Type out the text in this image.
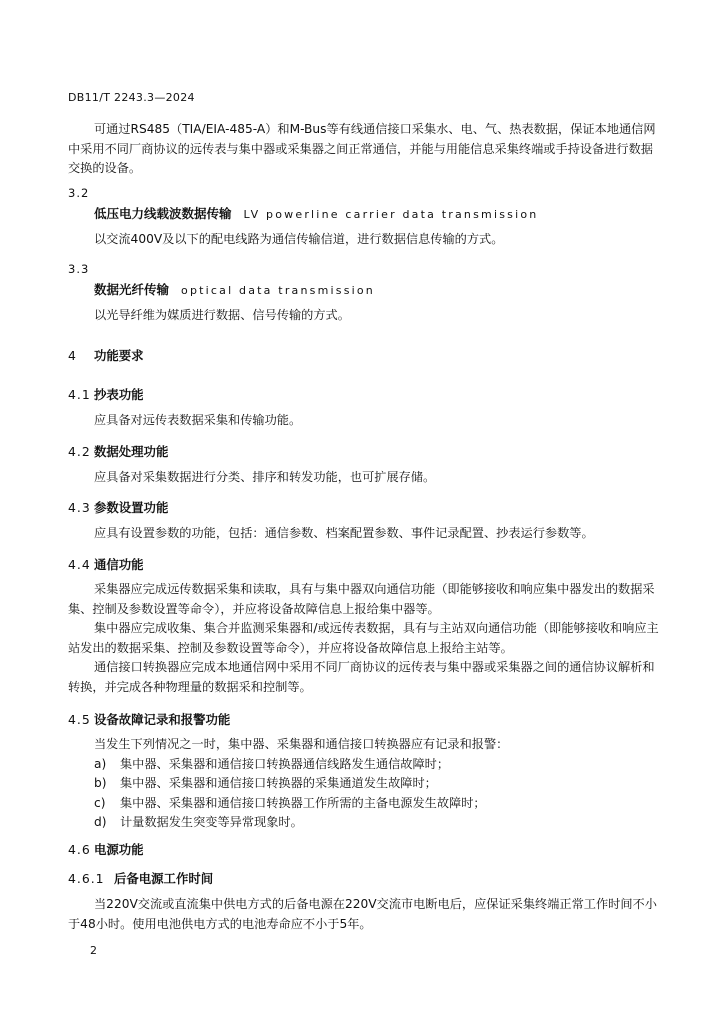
DB11/T 2243.3—2024

可通过RS485（TIA/EIA-485-A）和M-Bus等有线通信接口采集水、电、气、热表数据，保证本地通信网中采用不同厂商协议的远传表与集中器或采集器之间正常通信，并能与用能信息采集终端或手持设备进行数据交换的设备。

3.2

低压电力线载波数据传输 LV powerline carrier data transmission

以交流400V及以下的配电线路为通信传输信道，进行数据信息传输的方式。

3.3

数据光纤传输 optical data transmission

以光导纤维为媒质进行数据、信号传输的方式。

4 功能要求

4.1 抄表功能

应具备对远传表数据采集和传输功能。

4.2 数据处理功能

应具备对采集数据进行分类、排序和转发功能，也可扩展存储。

4.3 参数设置功能

应具有设置参数的功能，包括：通信参数、档案配置参数、事件记录配置、抄表运行参数等。

4.4 通信功能

采集器应完成远传数据采集和读取，具有与集中器双向通信功能（即能够接收和响应集中器发出的数据采集、控制及参数设置等命令），并应将设备故障信息上报给集中器等。

集中器应完成收集、集合并监测采集器和/或远传表数据，具有与主站双向通信功能（即能够接收和响应主站发出的数据采集、控制及参数设置等命令），并应将设备故障信息上报给主站等。

通信接口转换器应完成本地通信网中采用不同厂商协议的远传表与集中器或采集器之间的通信协议解析和转换，并完成各种物理量的数据采和控制等。

4.5 设备故障记录和报警功能

当发生下列情况之一时，集中器、采集器和通信接口转换器应有记录和报警：

a)	集中器、采集器和通信接口转换器通信线路发生通信故障时；
b)	集中器、采集器和通信接口转换器的采集通道发生故障时；
c)	集中器、采集器和通信接口转换器工作所需的主备电源发生故障时；
d)	计量数据发生突变等异常现象时。

4.6 电源功能

4.6.1 后备电源工作时间

当220V交流或直流集中供电方式的后备电源在220V交流市电断电后，应保证采集终端正常工作时间不小于48小时。使用电池供电方式的电池寿命应不小于5年。

2
